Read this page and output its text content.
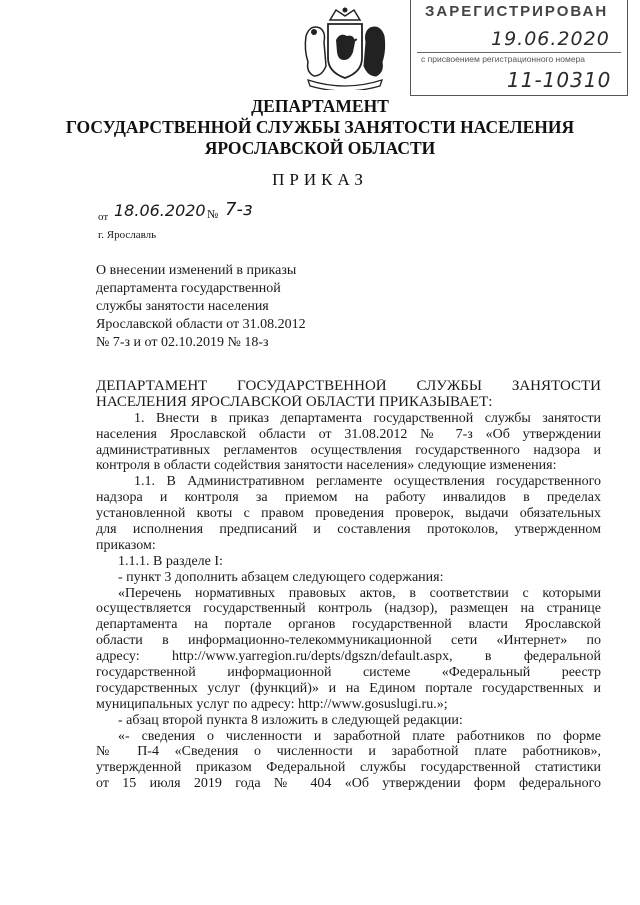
ЗАРЕГИСТРИРОВАН
19.06.2020
с присвоением регистрационного номера
11-10310
ДЕПАРТАМЕНТ
ГОСУДАРСТВЕННОЙ СЛУЖБЫ ЗАНЯТОСТИ НАСЕЛЕНИЯ
ЯРОСЛАВСКОЙ ОБЛАСТИ
ПРИКАЗ
от 18.06.2020 № 7-з
г. Ярославль
О внесении изменений в приказы
департамента государственной
службы занятости населения
Ярославской области от 31.08.2012
№ 7-з и от 02.10.2019 № 18-з
ДЕПАРТАМЕНТ ГОСУДАРСТВЕННОЙ СЛУЖБЫ ЗАНЯТОСТИ
НАСЕЛЕНИЯ ЯРОСЛАВСКОЙ ОБЛАСТИ ПРИКАЗЫВАЕТ:
1. Внести в приказ департамента государственной службы занятости
населения Ярославской области от 31.08.2012 № 7-з «Об утверждении
административных регламентов осуществления государственного надзора и
контроля в области содействия занятости населения» следующие изменения:
1.1. В Административном регламенте осуществления государственного
надзора и контроля за приемом на работу инвалидов в пределах
установленной квоты с правом проведения проверок, выдачи обязательных
для исполнения предписаний и составления протоколов, утвержденном
приказом:
1.1.1. В разделе I:
- пункт 3 дополнить абзацем следующего содержания:
«Перечень нормативных правовых актов, в соответствии с которыми
осуществляется государственный контроль (надзор), размещен на странице
департамента на портале органов государственной власти Ярославской
области в информационно-телекоммуникационной сети «Интернет» по
адресу: http://www.yarregion.ru/depts/dgszn/default.aspx, в федеральной
государственной информационной системе «Федеральный реестр
государственных услуг (функций)» и на Едином портале государственных и
муниципальных услуг по адресу: http://www.gosuslugi.ru.»;
- абзац второй пункта 8 изложить в следующей редакции:
«- сведения о численности и заработной плате работников по форме
№ П-4 «Сведения о численности и заработной плате работников»,
утвержденной приказом Федеральной службы государственной статистики
от 15 июля 2019 года № 404 «Об утверждении форм федерального
